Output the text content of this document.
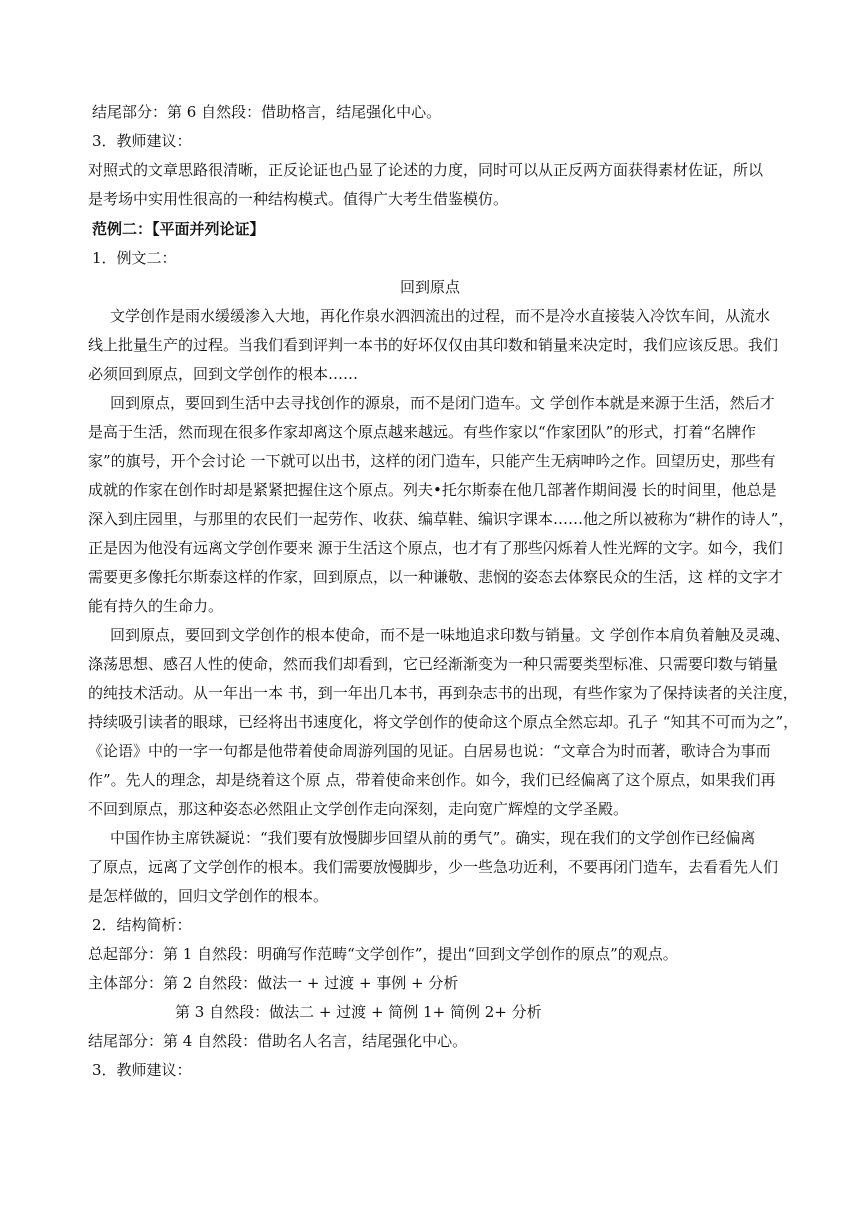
结尾部分：第 6 自然段：借助格言，结尾强化中心。
3．教师建议：
对照式的文章思路很清晰，正反论证也凸显了论述的力度，同时可以从正反两方面获得素材佐证，所以
是考场中实用性很高的一种结构模式。值得广大考生借鉴模仿。
范例二：【平面并列论证】
1．例文二：
回到原点
文学创作是雨水缓缓渗入大地，再化作泉水泗泗流出的过程，而不是冷水直接装入冷饮车间，从流水
线上批量生产的过程。当我们看到评判一本书的好坏仅仅由其印数和销量来决定时，我们应该反思。我们
必须回到原点，回到文学创作的根本……
回到原点，要回到生活中去寻找创作的源泉，而不是闭门造车。文 学创作本就是来源于生活，然后才
是高于生活，然而现在很多作家却离这个原点越来越远。有些作家以“作家团队”的形式，打着“名牌作
家”的旗号，开个会讨论 一下就可以出书，这样的闭门造车，只能产生无病呻吟之作。回望历史，那些有
成就的作家在创作时却是紧紧把握住这个原点。列夫•托尔斯泰在他几部著作期间漫 长的时间里，他总是
深入到庄园里，与那里的农民们一起劳作、收获、编草鞋、编识字课本……他之所以被称为“耕作的诗人”，
正是因为他没有远离文学创作要来 源于生活这个原点，也才有了那些闪烁着人性光辉的文字。如今，我们
需要更多像托尔斯泰这样的作家，回到原点，以一种谦敬、悲悯的姿态去体察民众的生活，这 样的文字才
能有持久的生命力。
回到原点，要回到文学创作的根本使命，而不是一味地追求印数与销量。文 学创作本肩负着触及灵魂、
涤荡思想、感召人性的使命，然而我们却看到，它已经渐渐变为一种只需要类型标准、只需要印数与销量
的纯技术活动。从一年出一本 书，到一年出几本书，再到杂志书的出现，有些作家为了保持读者的关注度，
持续吸引读者的眼球，已经将出书速度化，将文学创作的使命这个原点全然忘却。孔子 “知其不可而为之”，
《论语》中的一字一句都是他带着使命周游列国的见证。白居易也说：“文章合为时而著，歌诗合为事而
作”。先人的理念，却是绕着这个原 点，带着使命来创作。如今，我们已经偏离了这个原点，如果我们再
不回到原点，那这种姿态必然阻止文学创作走向深刻，走向宽广辉煌的文学圣殿。
中国作协主席铁凝说：“我们要有放慢脚步回望从前的勇气”。确实，现在我们的文学创作已经偏离
了原点，远离了文学创作的根本。我们需要放慢脚步，少一些急功近利，不要再闭门造车，去看看先人们
是怎样做的，回归文学创作的根本。
2．结构简析：
总起部分：第 1 自然段：明确写作范畴“文学创作”，提出“回到文学创作的原点”的观点。
主体部分：第 2 自然段：做法一 + 过渡 + 事例 + 分析
第 3 自然段：做法二 + 过渡 + 简例 1+ 简例 2+ 分析
结尾部分：第 4 自然段：借助名人名言，结尾强化中心。
3．教师建议：
